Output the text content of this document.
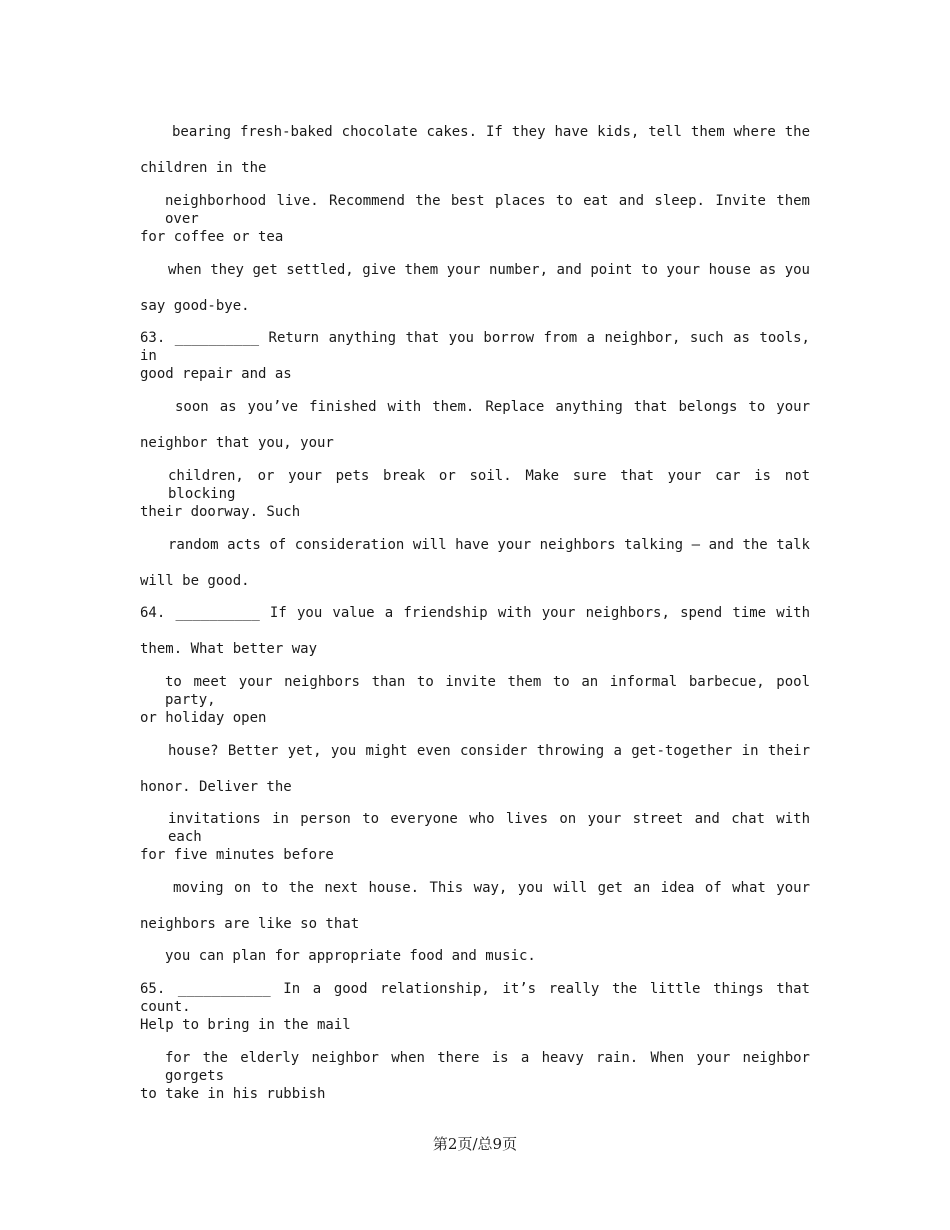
bearing fresh-baked chocolate cakes. If they have kids, tell them where the
children in the
neighborhood live. Recommend the best places to eat and sleep. Invite them over
for coffee or tea
when they get settled, give them your number, and point to your house as you
say good-bye.
63. __________ Return anything that you borrow from a neighbor, such as tools, in
good repair and as
soon as you’ve finished with them. Replace anything that belongs to your
neighbor that you, your
children, or your pets break or soil. Make sure that your car is not blocking
their doorway. Such
random acts of consideration will have your neighbors talking — and the talk
will be good.
64. __________ If you value a friendship with your neighbors, spend time with
them. What better way
to meet your neighbors than to invite them to an informal barbecue, pool party,
or holiday open
house? Better yet, you might even consider throwing a get-together in their
honor. Deliver the
invitations in person to everyone who lives on your street and chat with each
for five minutes before
moving on to the next house. This way, you will get an idea of what your
neighbors are like so that
you can plan for appropriate food and music.
65. ___________ In a good relationship, it’s really the little things that count.
Help to bring in the mail
for the elderly neighbor when there is a heavy rain. When your neighbor gorgets
to take in his rubbish
第2页/总9页
